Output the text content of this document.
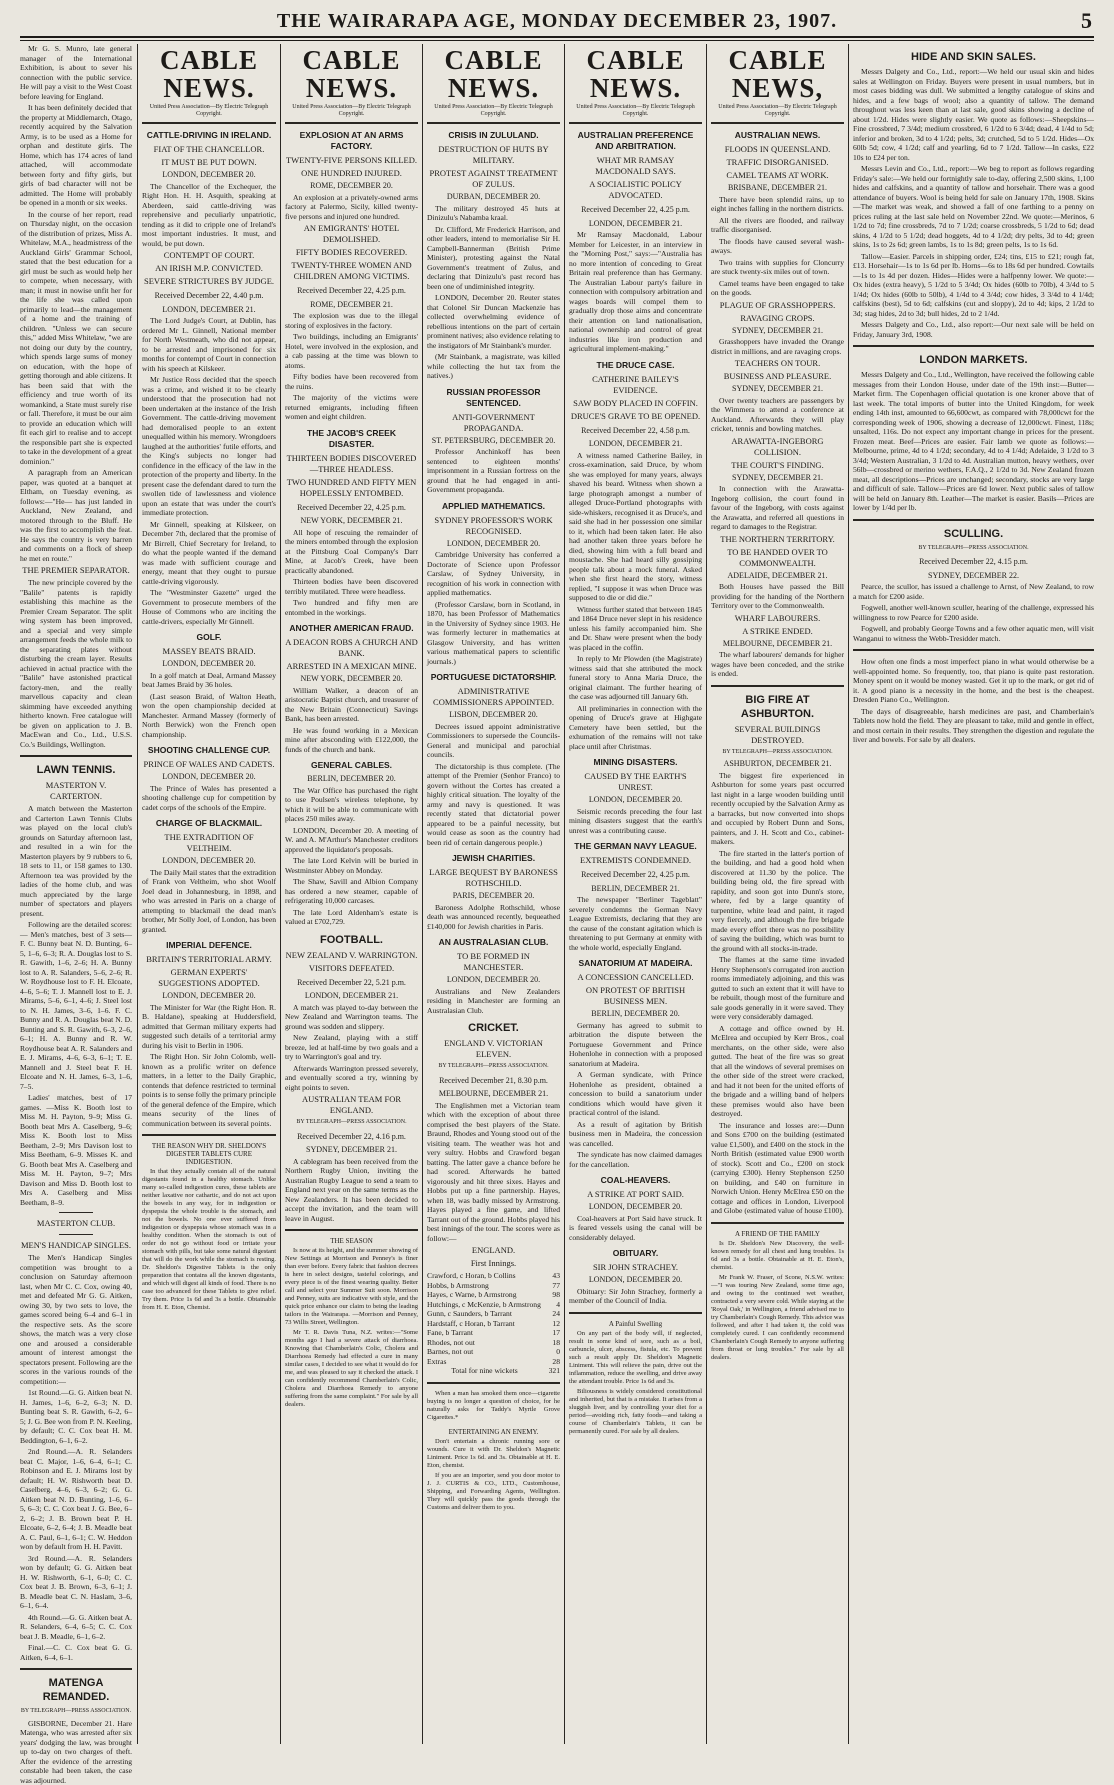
THE WAIRARAPA AGE, MONDAY DECEMBER 23, 1907.	5

Mr G. S. Munro, late general manager of the International Exhibition, is about to sever his connection with the public service. He will pay a visit to the West Coast before leaving for England.

It has been definitely decided that the property at Middlemarch, Otago, recently acquired by the Salvation Army, is to be used as a Home for orphan and destitute girls. The Home, which has 174 acres of land attached, will accommodate between forty and fifty girls, but girls of bad character will not be admitted. The Home will probably be opened in a month or six weeks.

In the course of her report, read on Thursday night, on the occasion of the distribution of prizes, Miss A. Whitelaw, M.A., headmistress of the Auckland Girls' Grammar School, stated that the best education for a girl must be such as would help her to compete, when necessary, with man; it must in nowise unfit her for the life she was called upon primarily to lead—the management of a home and the training of children. "Unless we can secure this," added Miss Whitelaw, "we are not doing our duty by the country, which spends large sums of money on education, with the hope of getting thorough and able citizens. It has been said that with the efficiency and true worth of its womankind, a State must surely rise or fall. Therefore, it must be our aim to provide an education which will fit each girl to realise and to accept the responsible part she is expected to take in the development of a great dominion."

A paragraph from an American paper, was quoted at a banquet at Eltham, on Tuesday evening, as follows:—"He— has just landed in Auckland, New Zealand, and motored through to the Bluff. He was the first to accomplish the feat. He says the country is very barren and comments on a flock of sheep he met en route."

THE PREMIER SEPARATOR.

The new principle covered by the "Balile" patents is rapidly establishing this machine as the Premier Cream Separator. The split wing system has been improved, and a special and very simple arrangement feeds the whole milk to the separating plates without disturbing the cream layer. Results achieved in actual practice with the "Balile" have astonished practical factory-men, and the really marvellous capacity and clean skimming have exceeded anything hitherto known. Free catalogue will be given on application to J. B. MacEwan and Co., Ltd., U.S.S. Co.'s Buildings, Wellington.

LAWN TENNIS.
MASTERTON V. CARTERTON.

A match between the Masterton and Carterton Lawn Tennis Clubs was played on the local club's grounds on Saturday afternoon last, and resulted in a win for the Masterton players by 9 rubbers to 6, 18 sets to 11, or 158 games to 130. Afternoon tea was provided by the ladies of the home club, and was much appreciated by the large number of spectators and players present.

Following are the detailed scores:— Men's matches, best of 3 sets— F. C. Bunny beat N. D. Bunting, 6–5, 1–6, 6–3; R. A. Douglas lost to S. R. Gawith, 1–6, 2–6; H. A. Bunny lost to A. R. Salanders, 5–6, 2–6; R. W. Roydhouse lost to F. H. Elcoate, 4–6, 5–6; T. J. Mannell lost to E. J. Mirams, 5–6, 6–1, 4–6; J. Steel lost to N. H. James, 3–6, 1–6. F. C. Bunny and R. A. Douglas beat N. D. Bunting and S. R. Gawith, 6–3, 2–6, 6–1; H. A. Bunny and R. W. Roydhouse beat A. R. Salanders and E. J. Mirams, 4–6, 6–3, 6–1; T. E. Mannell and J. Steel beat F. H. Elcoate and N. H. James, 6–3, 1–6, 7–5.

Ladies' matches, best of 17 games. —Miss K. Booth lost to Miss M. H. Payton, 9–9; Miss G. Booth beat Mrs A. Caselberg, 9–6; Miss K. Booth lost to Miss Beetham, 2–9; Mrs Davison lost to Miss Beetham, 6–9. Misses K. and G. Booth beat Mrs A. Caselberg and Miss M. H. Payton, 9–7; Mrs Davison and Miss D. Booth lost to Mrs A. Caselberg and Miss Beetham, 8–9.

MASTERTON CLUB.
MEN'S HANDICAP SINGLES.

The Men's Handicap Singles competition was brought to a conclusion on Saturday afternoon last, when Mr C. C. Cox, owing 40, met and defeated Mr G. G. Aitken, owing 30, by two sets to love, the games scored being 6–4 and 6–1 in the respective sets. As the score shows, the match was a very close one and aroused a considerable amount of interest amongst the spectators present. Following are the scores in the various rounds of the competition:—

1st Round.—G. G. Aitken beat N. H. James, 1–6, 6–2, 6–3; N. D. Bunting beat S. R. Gawith, 6–2, 6–5; J. G. Bee won from P. N. Keeling, by default; C. C. Cox beat H. M. Beddington, 6–1, 6–2.

2nd Round.—A. R. Selanders beat C. Major, 1–6, 6–4, 6–1; C. Robinson and E. J. Mirams lost by default; H. W. Rishworth beat D. Caselberg, 4–6, 6–3, 6–2; G. G. Aitken beat N. D. Bunting, 1–6, 6–5, 6–3; C. C. Cox beat J. G. Bee, 6–2, 6–2; J. B. Brown beat P. H. Elcoate, 6–2, 6–4; J. B. Meadle beat A. C. Paul, 6–1, 6–1; C. W. Heddon won by default from H. H. Pavitt.

3rd Round.—A. R. Selanders won by default; G. G. Aitken beat H. W. Rishworth, 6–1, 6–0; C. C. Cox beat J. B. Brown, 6–3, 6–1; J. B. Meadle beat C. N. Haslam, 3–6, 6–1, 6–4.

4th Round.—G. G. Aitken beat A. R. Selanders, 6–4, 6–5; C. C. Cox beat J. B. Meadle, 6–1, 6–2.

Final.—C. C. Cox beat G. G. Aitken, 6–4, 6–1.

MATENGA REMANDED.
BY TELEGRAPH—PRESS ASSOCIATION.

GISBORNE, December 21. Hare Matenga, who was arrested after six years' dodging the law, was brought up to-day on two charges of theft. After the evidence of the arresting constable had been taken, the case was adjourned.

CABLE NEWS.
United Press Association—By Electric Telegraph Copyright.
CATTLE-DRIVING IN IRELAND.
FIAT OF THE CHANCELLOR.
IT MUST BE PUT DOWN.
LONDON, DECEMBER 20.

The Chancellor of the Exchequer, the Right Hon. H. H. Asquith, speaking at Aberdeen, said cattle-driving was reprehensive and peculiarly unpatriotic, tending as it did to cripple one of Ireland's most important industries. It must, and would, be put down.

CONTEMPT OF COURT.
AN IRISH M.P. CONVICTED.
SEVERE STRICTURES BY JUDGE.
Received December 22, 4.40 p.m.
LONDON, DECEMBER 21.

The Lord Judge's Court, at Dublin, has ordered Mr L. Ginnell, National member for North Westmeath, who did not appear, to be arrested and imprisoned for six months for contempt of Court in connection with his speech at Kilskeer.

Mr Justice Ross decided that the speech was a crime, and wished it to be clearly understood that the prosecution had not been undertaken at the instance of the Irish Government. The cattle-driving movement had demoralised people to an extent unequalled within his memory. Wrongdoers laughed at the authorities' futile efforts, and the King's subjects no longer had confidence in the efficacy of the law in the protection of the property and liberty. In the present case the defendant dared to turn the swollen tide of lawlessness and violence upon an estate that was under the court's immediate protection.

Mr Ginnell, speaking at Kilskeer, on December 7th, declared that the promise of Mr Birrell, Chief Secretary for Ireland, to do what the people wanted if the demand was made with sufficient courage and energy, meant that they ought to pursue cattle-driving vigorously.

The "Westminster Gazette" urged the Government to prosecute members of the House of Commons who are inciting the cattle-drivers, especially Mr Ginnell.

GOLF.
MASSEY BEATS BRAID.
LONDON, DECEMBER 20.

In a golf match at Deal, Armand Massey beat James Braid by 36 holes.

(Last season Braid, of Walton Heath, won the open championship decided at Manchester. Armand Massey (formerly of North Berwick) won the French open championship.

SHOOTING CHALLENGE CUP.
PRINCE OF WALES AND CADETS.
LONDON, DECEMBER 20.

The Prince of Wales has presented a shooting challenge cup for competition by cadet corps of the schools of the Empire.

CHARGE OF BLACKMAIL.
THE EXTRADITION OF VELTHEIM.
LONDON, DECEMBER 20.

The Daily Mail states that the extradition of Frank von Veltheim, who shot Woolf Joel dead in Johannesburg, in 1898, and who was arrested in Paris on a charge of attempting to blackmail the dead man's brother, Mr Solly Joel, of London, has been granted.

IMPERIAL DEFENCE.
BRITAIN'S TERRITORIAL ARMY.
GERMAN EXPERTS' SUGGESTIONS ADOPTED.
LONDON, DECEMBER 20.

The Minister for War (the Right Hon. R. B. Haldane), speaking at Huddersfield, admitted that German military experts had suggested such details of a territorial army during his visit to Berlin in 1906.

The Right Hon. Sir John Colomb, well-known as a prolific writer on defence matters, in a letter to the Daily Graphic, contends that defence restricted to terminal points is to sense folly the primary principle of the general defence of the Empire, which means security of the lines of communication between its several points.

THE REASON WHY DR. SHELDON'S DIGESTER TABLETS CURE INDIGESTION.

In that they actually contain all of the natural digestants found in a healthy stomach. Unlike many so-called indigestion cures, these tablets are neither laxative nor cathartic, and do not act upon the bowels in any way, for in indigestion or dyspepsia the whole trouble is the stomach, and not the bowels. No one ever suffered from indigestion or dyspepsia whose stomach was in a healthy condition. When the stomach is out of order do not go without food or irritate your stomach with pills, but take some natural digestant that will do the work while the stomach is resting. Dr. Sheldon's Digestive Tablets is the only preparation that contains all the known digestants, and which will digest all kinds of food. There is no case too advanced for these Tablets to give relief. Try them. Price 1s 6d and 3s a bottle. Obtainable from H. E. Eton, Chemist.

CABLE NEWS.
United Press Association—By Electric Telegraph Copyright.
EXPLOSION AT AN ARMS FACTORY.
TWENTY-FIVE PERSONS KILLED.
ONE HUNDRED INJURED.
ROME, DECEMBER 20.

An explosion at a privately-owned arms factory at Palermo, Sicily, killed twenty-five persons and injured one hundred.

AN EMIGRANTS' HOTEL DEMOLISHED.
FIFTY BODIES RECOVERED.
TWENTY-THREE WOMEN AND CHILDREN AMONG VICTIMS.
Received December 22, 4.25 p.m.
ROME, DECEMBER 21.

The explosion was due to the illegal storing of explosives in the factory.

Two buildings, including an Emigrants' Hotel, were involved in the explosion, and a cab passing at the time was blown to atoms.

Fifty bodies have been recovered from the ruins.

The majority of the victims were returned emigrants, including fifteen women and eight children.

THE JACOB'S CREEK DISASTER.
THIRTEEN BODIES DISCOVERED—THREE HEADLESS.
TWO HUNDRED AND FIFTY MEN HOPELESSLY ENTOMBED.
Received December 22, 4.25 p.m.
NEW YORK, DECEMBER 21.

All hope of rescuing the remainder of the miners entombed through the explosion at the Pittsburg Coal Company's Darr Mine, at Jacob's Creek, have been practically abandoned.

Thirteen bodies have been discovered terribly mutilated. Three were headless.

Two hundred and fifty men are entombed in the workings.

ANOTHER AMERICAN FRAUD.
A DEACON ROBS A CHURCH AND BANK.
ARRESTED IN A MEXICAN MINE.
NEW YORK, DECEMBER 20.

William Walker, a deacon of an aristocratic Baptist church, and treasurer of the New Britain (Connecticut) Savings Bank, has been arrested.

He was found working in a Mexican mine after absconding with £122,000, the funds of the church and bank.

GENERAL CABLES.
BERLIN, DECEMBER 20.

The War Office has purchased the right to use Poulsen's wireless telephone, by which it will be able to communicate with places 250 miles away.

LONDON, December 20. A meeting of W. and A. M'Arthur's Manchester creditors approved the liquidator's proposals.

The late Lord Kelvin will be buried in Westminster Abbey on Monday.

The Shaw, Savill and Albion Company has ordered a new steamer, capable of refrigerating 10,000 carcases.

The late Lord Aldenham's estate is valued at £702,729.

FOOTBALL.
NEW ZEALAND V. WARRINGTON.
VISITORS DEFEATED.
Received December 22, 5.21 p.m.
LONDON, DECEMBER 21.

A match was played to-day between the New Zealand and Warrington teams. The ground was sodden and slippery.

New Zealand, playing with a stiff breeze, led at half-time by two goals and a try to Warrington's goal and try.

Afterwards Warrington pressed severely, and eventually scored a try, winning by eight points to seven.

AUSTRALIAN TEAM FOR ENGLAND.
BY TELEGRAPH—PRESS ASSOCIATION.
Received December 22, 4.16 p.m.
SYDNEY, DECEMBER 21.

A cablegram has been received from the Northern Rugby Union, inviting the Australian Rugby League to send a team to England next year on the same terms as the New Zealanders. It has been decided to accept the invitation, and the team will leave in August.

THE SEASON

Is now at its height, and the summer showing of New Settings at Morrison and Penney's is finer than ever before. Every fabric that fashion decrees is here in select designs, tasteful colorings, and every piece is of the finest wearing quality. Better call and select your Summer Suit soon. Morrison and Penney, suits are indicative with style, and the quick price enhance our claim to being the leading tailors in the Wairarapa. —Morrison and Penney, 73 Willis Street, Wellington.

Mr T. R. Davis Tuna, N.Z. writes:—"Some months ago I had a severe attack of diarrhoea. Knowing that Chamberlain's Colic, Cholera and Diarrhoea Remedy had effected a cure in many similar cases, I decided to see what it would do for me, and was pleased to say it checked the attack. I can confidently recommend Chamberlain's Colic, Cholera and Diarrhoea Remedy to anyone suffering from the same complaint." For sale by all dealers.

CABLE NEWS.
United Press Association—By Electric Telegraph Copyright.
CRISIS IN ZULULAND.
DESTRUCTION OF HUTS BY MILITARY.
PROTEST AGAINST TREATMENT OF ZULUS.
DURBAN, DECEMBER 20.

The military destroyed 45 huts at Dinizulu's Nabamba kraal.

Dr. Clifford, Mr Frederick Harrison, and other leaders, intend to memorialise Sir H. Campbell-Bannerman (British Prime Minister), protesting against the Natal Government's treatment of Zulus, and declaring that Dinizulu's past record has been one of undiminished integrity.

LONDON, December 20. Reuter states that Colonel Sir Duncan Mackenzie has collected overwhelming evidence of rebellious intentions on the part of certain prominent natives; also evidence relating to the instigators of Mr Stainbank's murder.

(Mr Stainbank, a magistrate, was killed while collecting the hut tax from the natives.)

RUSSIAN PROFESSOR SENTENCED.
ANTI-GOVERNMENT PROPAGANDA.
ST. PETERSBURG, DECEMBER 20.

Professor Anchinkoff has been sentenced to eighteen months' imprisonment in a Russian fortress on the ground that he had engaged in anti-Government propaganda.

APPLIED MATHEMATICS.
SYDNEY PROFESSOR'S WORK RECOGNISED.
LONDON, DECEMBER 20.

Cambridge University has conferred a Doctorate of Science upon Professor Carslaw, of Sydney University, in recognition of his work in connection with applied mathematics.

(Professor Carslaw, born in Scotland, in 1870, has been Professor of Mathematics in the University of Sydney since 1903. He was formerly lecturer in mathematics at Glasgow University, and has written various mathematical papers to scientific journals.)

PORTUGUESE DICTATORSHIP.
ADMINISTRATIVE COMMISSIONERS APPOINTED.
LISBON, DECEMBER 20.

Decrees issued appoint administrative Commissioners to supersede the Councils-General and municipal and parochial councils.

The dictatorship is thus complete. (The attempt of the Premier (Senhor Franco) to govern without the Cortes has created a highly critical situation. The loyalty of the army and navy is questioned. It was recently stated that dictatorial power appeared to be a painful necessity, but would cease as soon as the country had been rid of certain dangerous people.)

JEWISH CHARITIES.
LARGE BEQUEST BY BARONESS ROTHSCHILD.
PARIS, DECEMBER 20.

Baroness Adolphe Rothschild, whose death was announced recently, bequeathed £140,000 for Jewish charities in Paris.

AN AUSTRALASIAN CLUB.
TO BE FORMED IN MANCHESTER.
LONDON, DECEMBER 20.

Australians and New Zealanders residing in Manchester are forming an Australasian Club.

CRICKET.
ENGLAND V. VICTORIAN ELEVEN.
BY TELEGRAPH—PRESS ASSOCIATION.
Received December 21, 8.30 p.m.
MELBOURNE, DECEMBER 21.

The Englishmen met a Victorian team which with the exception of about three comprised the best players of the State. Braund, Rhodes and Young stood out of the visiting team. The weather was hot and very sultry. Hobbs and Crawford began batting. The latter gave a chance before he had scored. Afterwards he batted vigorously and hit three sixes. Hayes and Hobbs put up a fine partnership. Hayes, when 18, was badly missed by Armstrong. Hayes played a fine game, and lifted Tarrant out of the ground. Hobbs played his best innings of the tour. The scores were as follow:—

ENGLAND.
First Innings.
Crawford, c Horan, b Collins	43
Hobbs, b Armstrong	77
Hayes, c Warne, b Armstrong	98
Hutchings, c McKenzie, b Armstrong	4
Gunn, c Saunders, b Tarrant	24
Hardstaff, c Horan, b Tarrant	12
Fane, b Tarrant	17
Rhodes, not out	18
Barnes, not out	0
Extras	28
Total for nine wickets	321

When a man has smoked them once—cigarette buying is no longer a question of choice, for he naturally asks for Taddy's Myrtle Grove Cigarettes.*

ENTERTAINING AN ENEMY.

Don't entertain a chronic running sore or wounds. Cure it with Dr. Sheldon's Magnetic Liniment. Price 1s 6d. and 3s. Obtainable at H. E. Eton, chemist.

If you are an importer, send you door motor to J. J. CURTIS & CO., LTD., Customhouse, Shipping, and Forwarding Agents, Wellington. They will quickly pass the goods through the Customs and deliver them to you.

CABLE NEWS.
United Press Association—By Electric Telegraph Copyright.
AUSTRALIAN PREFERENCE AND ARBITRATION.
WHAT MR RAMSAY MACDONALD SAYS.
A SOCIALISTIC POLICY ADVOCATED.
Received December 22, 4.25 p.m.
LONDON, DECEMBER 21.

Mr Ramsay Macdonald, Labour Member for Leicester, in an interview in the "Morning Post," says:—"Australia has no more intention of conceding to Great Britain real preference than has Germany. The Australian Labour party's failure in connection with compulsory arbitration and wages boards will compel them to gradually drop those aims and concentrate their attention on land nationalisation, national ownership and control of great industries like iron production and agricultural implement-making."

THE DRUCE CASE.
CATHERINE BAILEY'S EVIDENCE.
SAW BODY PLACED IN COFFIN.
DRUCE'S GRAVE TO BE OPENED.
Received December 22, 4.58 p.m.
LONDON, DECEMBER 21.

A witness named Catherine Bailey, in cross-examination, said Druce, by whom she was employed for many years, always shaved his beard. Witness when shown a large photograph amongst a number of alleged Druce-Portland photographs with side-whiskers, recognised it as Druce's, and said she had in her possession one similar to it, which had been taken later. He also had another taken three years before he died, showing him with a full beard and moustache. She had heard silly gossiping people talk about a mock funeral. Asked when she first heard the story, witness replied, "I suppose it was when Druce was supposed to die or did die."

Witness further stated that between 1845 and 1864 Druce never slept in his residence unless his family accompanied him. She and Dr. Shaw were present when the body was placed in the coffin.

In reply to Mr Plowden (the Magistrate) witness said that she attributed the mock funeral story to Anna Maria Druce, the original claimant. The further hearing of the case was adjourned till January 6th.

All preliminaries in connection with the opening of Druce's grave at Highgate Cemetery have been settled, but the exhumation of the remains will not take place until after Christmas.

MINING DISASTERS.
CAUSED BY THE EARTH'S UNREST.
LONDON, DECEMBER 20.

Seismic records preceding the four last mining disasters suggest that the earth's unrest was a contributing cause.

THE GERMAN NAVY LEAGUE.
EXTREMISTS CONDEMNED.
Received December 22, 4.25 p.m.
BERLIN, DECEMBER 21.

The newspaper "Berliner Tageblatt" severely condemns the German Navy League Extremists, declaring that they are the cause of the constant agitation which is threatening to put Germany at enmity with the whole world, especially England.

SANATORIUM AT MADEIRA.
A CONCESSION CANCELLED.
ON PROTEST OF BRITISH BUSINESS MEN.
BERLIN, DECEMBER 20.

Germany has agreed to submit to arbitration the dispute between the Portuguese Government and Prince Hohenlohe in connection with a proposed sanatorium at Madeira.

A German syndicate, with Prince Hohenlohe as president, obtained a concession to build a sanatorium under conditions which would have given it practical control of the island.

As a result of agitation by British business men in Madeira, the concession was cancelled.

The syndicate has now claimed damages for the cancellation.

COAL-HEAVERS.
A STRIKE AT PORT SAID.
LONDON, DECEMBER 20.

Coal-heavers at Port Said have struck. It is feared vessels using the canal will be considerably delayed.

OBITUARY.
SIR JOHN STRACHEY.
LONDON, DECEMBER 20.

Obituary: Sir John Strachey, formerly a member of the Council of India.

A Painful Swelling

On any part of the body will, if neglected, result in some kind of sore, such as a boil, carbuncle, ulcer, abscess, fistula, etc. To prevent such a result apply Dr. Sheldon's Magnetic Liniment. This will relieve the pain, drive out the inflammation, reduce the swelling, and drive away the attendant trouble. Price 1s 6d and 3s.

Biliousness is widely considered constitutional and inherited, but that is a mistake. It arises from a sluggish liver, and by controlling your diet for a period—avoiding rich, fatty foods—and taking a course of Chamberlain's Tablets, it can be permanently cured. For sale by all dealers.

CABLE NEWS,
United Press Association—By Electric Telegraph Copyright.
AUSTRALIAN NEWS.
FLOODS IN QUEENSLAND.
TRAFFIC DISORGANISED.
CAMEL TEAMS AT WORK.
BRISBANE, DECEMBER 21.

There have been splendid rains, up to eight inches falling in the northern districts.

All the rivers are flooded, and railway traffic disorganised.

The floods have caused several wash-aways.

Two trains with supplies for Cloncurry are stuck twenty-six miles out of town.

Camel teams have been engaged to take on the goods.

PLAGUE OF GRASSHOPPERS.
RAVAGING CROPS.
SYDNEY, DECEMBER 21.

Grasshoppers have invaded the Orange district in millions, and are ravaging crops.

TEACHERS ON TOUR.
BUSINESS AND PLEASURE.
SYDNEY, DECEMBER 21.

Over twenty teachers are passengers by the Wimmera to attend a conference at Auckland. Afterwards they will play cricket, tennis and bowling matches.

ARAWATTA-INGEBORG COLLISION.
THE COURT'S FINDING.
SYDNEY, DECEMBER 21.

In connection with the Arawatta-Ingeborg collision, the court found in favour of the Ingeborg, with costs against the Arawatta, and referred all questions in regard to damages to the Registrar.

THE NORTHERN TERRITORY.
TO BE HANDED OVER TO COMMONWEALTH.
ADELAIDE, DECEMBER 21.

Both Houses have passed the Bill providing for the handing of the Northern Territory over to the Commonwealth.

WHARF LABOURERS.
A STRIKE ENDED.
MELBOURNE, DECEMBER 21.

The wharf labourers' demands for higher wages have been conceded, and the strike is ended.

BIG FIRE AT ASHBURTON.
SEVERAL BUILDINGS DESTROYED.
BY TELEGRAPH—PRESS ASSOCIATION.
ASHBURTON, DECEMBER 21.

The biggest fire experienced in Ashburton for some years past occurred last night in a large wooden building until recently occupied by the Salvation Army as a barracks, but now converted into shops and occupied by Robert Dunn and Sons, painters, and J. H. Scott and Co., cabinet-makers.

The fire started in the latter's portion of the building, and had a good hold when discovered at 11.30 by the police. The building being old, the fire spread with rapidity, and soon got into Dunn's store, where, fed by a large quantity of turpentine, white lead and paint, it raged very fiercely, and although the fire brigade made every effort there was no possibility of saving the building, which was burnt to the ground with all stocks-in-trade.

The flames at the same time invaded Henry Stephenson's corrugated iron auction rooms immediately adjoining, and this was gutted to such an extent that it will have to be rebuilt, though most of the furniture and sale goods generally in it were saved. They were very considerably damaged.

A cottage and office owned by H. McElrea and occupied by Kerr Bros., coal merchants, on the other side, were also gutted. The heat of the fire was so great that all the windows of several premises on the other side of the street were cracked, and had it not been for the united efforts of the brigade and a willing band of helpers these premises would also have been destroyed.

The insurance and losses are:—Dunn and Sons £700 on the building (estimated value £1,500), and £400 on the stock in the North British (estimated value £900 worth of stock). Scott and Co., £200 on stock (carrying £300). Henry Stephenson £250 on building, and £40 on furniture in Norwich Union. Henry McElrea £50 on the cottage and offices in London, Liverpool and Globe (estimated value of house £100).

A FRIEND OF THE FAMILY

Is Dr. Sheldon's New Discovery, the well-known remedy for all chest and lung troubles. 1s 6d and 3s a bottle. Obtainable at H. E. Eton's, chemist.

Mr Frank W. Fraser, of Scone, N.S.W. writes:—"I was touring New Zealand, some time ago, and owing to the continued wet weather, contracted a very severe cold. While staying at the 'Royal Oak,' in Wellington, a friend advised me to try Chamberlain's Cough Remedy. This advice was followed, and after I had taken it, the cold was completely cured. I can confidently recommend Chamberlain's Cough Remedy to anyone suffering from throat or lung troubles." For sale by all dealers.

HIDE AND SKIN SALES.

Messrs Dalgety and Co., Ltd., report:—We held our usual skin and hides sales at Wellington on Friday. Buyers were present in usual numbers, but in most cases bidding was dull. We submitted a lengthy catalogue of skins and hides, and a few bags of wool; also a quantity of tallow. The demand throughout was less keen than at last sale, good skins showing a decline of about 1/2d. Hides were slightly easier. We quote as follows:—Sheepskins—Fine crossbred, 7 3/4d; medium crossbred, 6 1/2d to 6 3/4d; dead, 4 1/4d to 5d; inferior and broken, 3d to 4 1/2d; pelts, 3d; crutched, 5d to 5 1/2d. Hides—Ox 60lb 5d; cow, 4 1/2d; calf and yearling, 6d to 7 1/2d. Tallow—In casks, £22 10s to £24 per ton.

Messrs Levin and Co., Ltd., report:—We beg to report as follows regarding Friday's sale:—We held our fortnightly sale to-day, offering 2,500 skins, 1,100 hides and calfskins, and a quantity of tallow and horsehair. There was a good attendance of buyers. Wool is being held for sale on January 17th, 1908. Skins—The market was weak, and showed a fall of one farthing to a penny on prices ruling at the last sale held on November 22nd. We quote:—Merinos, 6 1/2d to 7d; fine crossbreds, 7d to 7 1/2d; coarse crossbreds, 5 1/2d to 6d; dead skins, 4 1/2d to 5 1/2d; dead hoggets, 4d to 4 1/2d; dry pelts, 3d to 4d; green skins, 1s to 2s 6d; green lambs, 1s to 1s 8d; green pelts, 1s to 1s 6d.

Tallow—Easier. Parcels in shipping order, £24; tins, £15 to £21; rough fat, £13. Horsehair—1s to 1s 6d per lb. Horns—6s to 18s 6d per hundred. Cowtails—1s to 1s 4d per dozen. Hides—Hides were a halfpenny lower. We quote:—Ox hides (extra heavy), 5 1/2d to 5 3/4d; Ox hides (60lb to 70lb), 4 3/4d to 5 1/4d; Ox hides (60lb to 50lb), 4 1/4d to 4 3/4d; cow hides, 3 3/4d to 4 1/4d; calfskins (best), 5d to 6d; calfskins (cut and sloppy), 2d to 4d; kips, 2 1/2d to 3d; stag hides, 2d to 3d; bull hides, 2d to 2 1/4d.

Messrs Dalgety and Co., Ltd., also report:—Our next sale will be held on Friday, January 3rd, 1908.

LONDON MARKETS.

Messrs Dalgety and Co., Ltd., Wellington, have received the following cable messages from their London House, under date of the 19th inst:—Butter—Market firm. The Copenhagen official quotation is one kroner above that of last week. The total imports of butter into the United Kingdom, for week ending 14th inst, amounted to 66,600cwt, as compared with 78,000cwt for the corresponding week of 1906, showing a decrease of 12,000cwt. Finest, 118s; unsalted, 116s. Do not expect any important change in prices for the present. Frozen meat. Beef—Prices are easier. Fair lamb we quote as follows:—Melbourne, prime, 4d to 4 1/2d; secondary, 4d to 4 1/4d; Adelaide, 3 1/2d to 3 3/4d; Western Australian, 3 1/2d to 4d. Australian mutton, heavy wethers, over 56lb—crossbred or merino wethers, F.A.Q., 2 1/2d to 3d. New Zealand frozen meat, all descriptions—Prices are unchanged; secondary, stocks are very large and difficult of sale. Tallow—Prices are 6d lower. Next public sales of tallow will be held on January 8th. Leather—The market is easier. Basils—Prices are lower by 1/4d per lb.

SCULLING.
BY TELEGRAPH—PRESS ASSOCIATION.
Received December 22, 4.15 p.m.
SYDNEY, DECEMBER 22.

Pearce, the scullor, has issued a challenge to Arnst, of New Zealand, to row a match for £200 aside.

Fogwell, another well-known sculler, hearing of the challenge, expressed his willingness to row Pearce for £200 aside.

Fogwell, and probably George Towns and a few other aquatic men, will visit Wanganui to witness the Webb-Tresidder match.

How often one finds a most imperfect piano in what would otherwise be a well-appointed home. So frequently, too, that piano is quite past restoration. Money spent on it would be money wasted. Get it up to the mark, or get rid of it. A good piano is a necessity in the home, and the best is the cheapest. Dresden Piano Co., Wellington.

The days of disagreeable, harsh medicines are past, and Chamberlain's Tablets now hold the field. They are pleasant to take, mild and gentle in effect, and most certain in their results. They strengthen the digestion and regulate the liver and bowels. For sale by all dealers.
